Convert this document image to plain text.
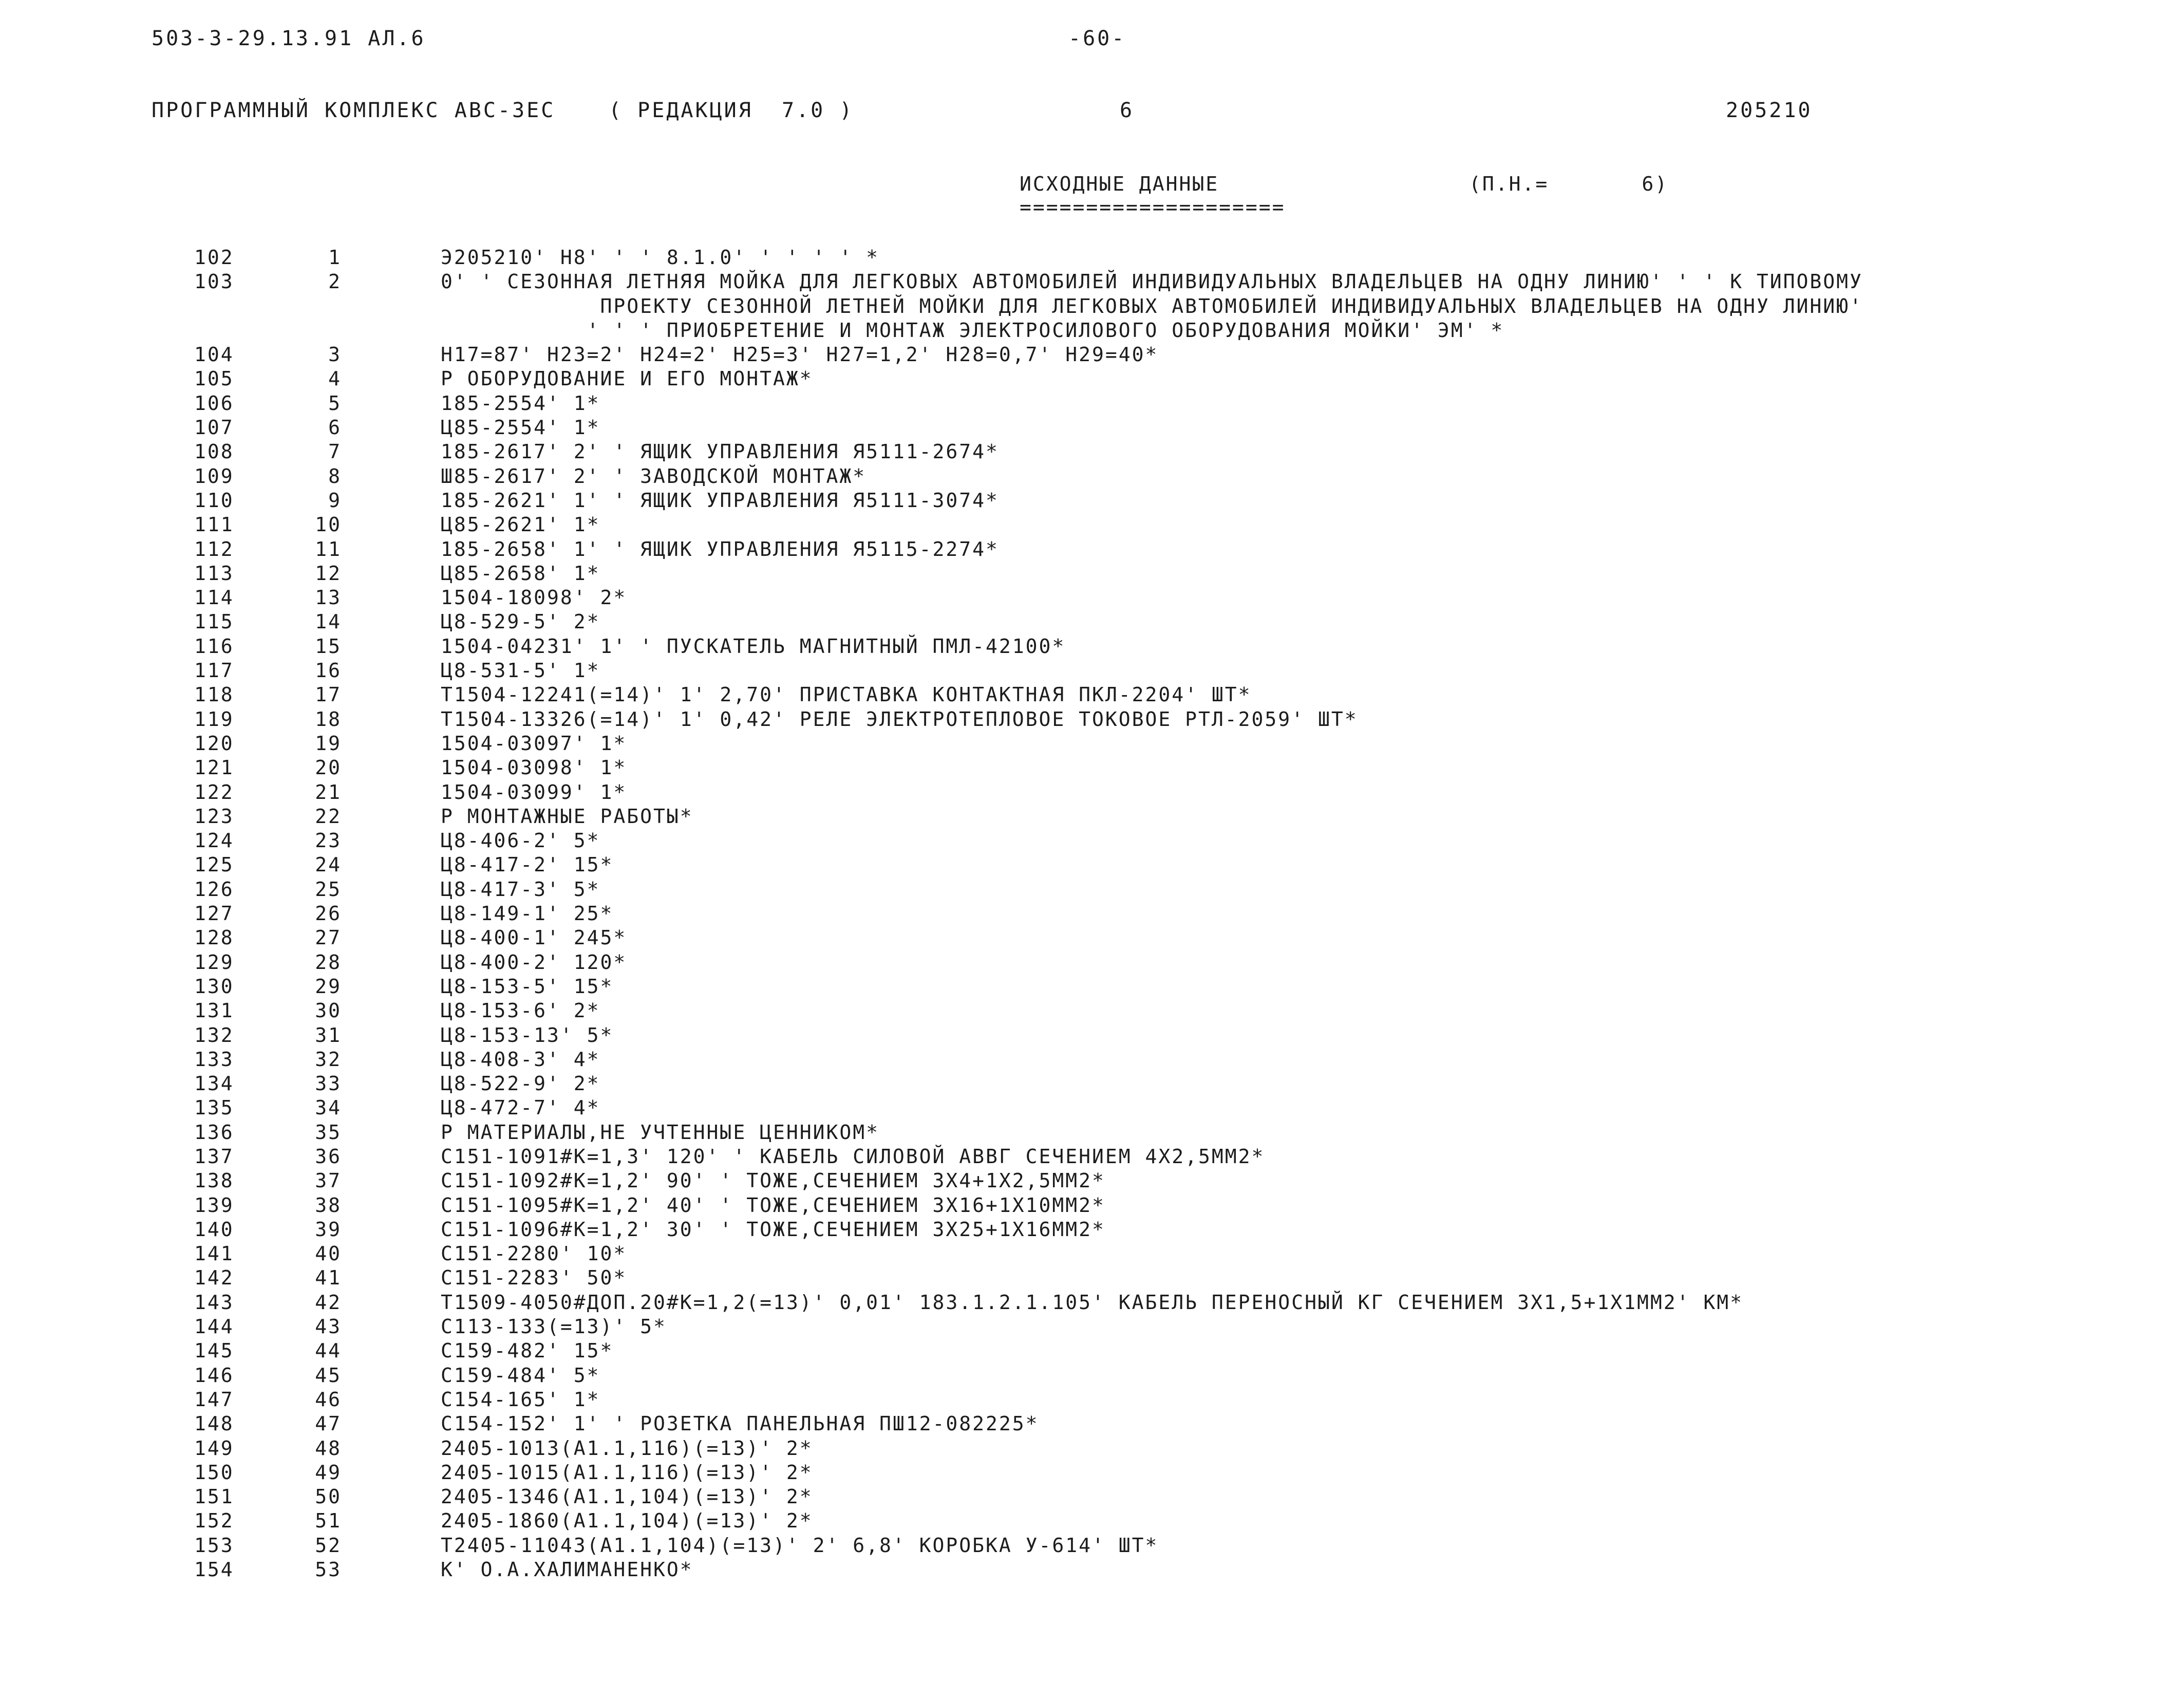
503-3-29.13.91 АЛ.6	-60-
ПРОГРАММНЫЙ КОМПЛЕКС АВС-3ЕС	( РЕДАКЦИЯ  7.0 )	6	205210
ИСХОДНЫЕ ДАННЫЕ
====================
(П.Н.=       6)
102	1	Э205210' Н8' ' ' 8.1.0' ' ' ' ' *
103	2	0' ' СЕЗОННАЯ ЛЕТНЯЯ МОЙКА ДЛЯ ЛЕГКОВЫХ АВТОМОБИЛЕЙ ИНДИВИДУАЛЬНЫХ ВЛАДЕЛЬЦЕВ НА ОДНУ ЛИНИЮ' ' ' К ТИПОВОМУ
ПРОЕКТУ СЕЗОННОЙ ЛЕТНЕЙ МОЙКИ ДЛЯ ЛЕГКОВЫХ АВТОМОБИЛЕЙ ИНДИВИДУАЛЬНЫХ ВЛАДЕЛЬЦЕВ НА ОДНУ ЛИНИЮ'
' ' ' ПРИОБРЕТЕНИЕ И МОНТАЖ ЭЛЕКТРОСИЛОВОГО ОБОРУДОВАНИЯ МОЙКИ' ЭМ' *
104	3	Н17=87' Н23=2' Н24=2' Н25=3' Н27=1,2' Н28=0,7' Н29=40*
105	4	Р ОБОРУДОВАНИЕ И ЕГО МОНТАЖ*
106	5	185-2554' 1*
107	6	Ц85-2554' 1*
108	7	185-2617' 2' ' ЯЩИК УПРАВЛЕНИЯ Я5111-2674*
109	8	Ш85-2617' 2' ' ЗАВОДСКОЙ МОНТАЖ*
110	9	185-2621' 1' ' ЯЩИК УПРАВЛЕНИЯ Я5111-3074*
111	10	Ц85-2621' 1*
112	11	185-2658' 1' ' ЯЩИК УПРАВЛЕНИЯ Я5115-2274*
113	12	Ц85-2658' 1*
114	13	1504-18098' 2*
115	14	Ц8-529-5' 2*
116	15	1504-04231' 1' ' ПУСКАТЕЛЬ МАГНИТНЫЙ ПМЛ-42100*
117	16	Ц8-531-5' 1*
118	17	Т1504-12241(=14)' 1' 2,70' ПРИСТАВКА КОНТАКТНАЯ ПКЛ-2204' ШТ*
119	18	Т1504-13326(=14)' 1' 0,42' РЕЛЕ ЭЛЕКТРОТЕПЛОВОЕ ТОКОВОЕ РТЛ-2059' ШТ*
120	19	1504-03097' 1*
121	20	1504-03098' 1*
122	21	1504-03099' 1*
123	22	Р МОНТАЖНЫЕ РАБОТЫ*
124	23	Ц8-406-2' 5*
125	24	Ц8-417-2' 15*
126	25	Ц8-417-3' 5*
127	26	Ц8-149-1' 25*
128	27	Ц8-400-1' 245*
129	28	Ц8-400-2' 120*
130	29	Ц8-153-5' 15*
131	30	Ц8-153-6' 2*
132	31	Ц8-153-13' 5*
133	32	Ц8-408-3' 4*
134	33	Ц8-522-9' 2*
135	34	Ц8-472-7' 4*
136	35	Р МАТЕРИАЛЫ,НЕ УЧТЕННЫЕ ЦЕННИКОМ*
137	36	С151-1091#К=1,3' 120' ' КАБЕЛЬ СИЛОВОЙ АВВГ СЕЧЕНИЕМ 4Х2,5ММ2*
138	37	С151-1092#К=1,2' 90' ' ТОЖЕ,СЕЧЕНИЕМ 3Х4+1Х2,5ММ2*
139	38	С151-1095#К=1,2' 40' ' ТОЖЕ,СЕЧЕНИЕМ 3Х16+1Х10ММ2*
140	39	С151-1096#К=1,2' 30' ' ТОЖЕ,СЕЧЕНИЕМ 3Х25+1Х16ММ2*
141	40	С151-2280' 10*
142	41	С151-2283' 50*
143	42	Т1509-4050#ДОП.20#К=1,2(=13)' 0,01' 183.1.2.1.105' КАБЕЛЬ ПЕРЕНОСНЫЙ КГ СЕЧЕНИЕМ 3Х1,5+1Х1ММ2' КМ*
144	43	С113-133(=13)' 5*
145	44	С159-482' 15*
146	45	С159-484' 5*
147	46	С154-165' 1*
148	47	С154-152' 1' ' РОЗЕТКА ПАНЕЛЬНАЯ ПШ12-082225*
149	48	2405-1013(А1.1,116)(=13)' 2*
150	49	2405-1015(А1.1,116)(=13)' 2*
151	50	2405-1346(А1.1,104)(=13)' 2*
152	51	2405-1860(А1.1,104)(=13)' 2*
153	52	Т2405-11043(А1.1,104)(=13)' 2' 6,8' КОРОБКА У-614' ШТ*
154	53	К' О.А.ХАЛИМАНЕНКО*
